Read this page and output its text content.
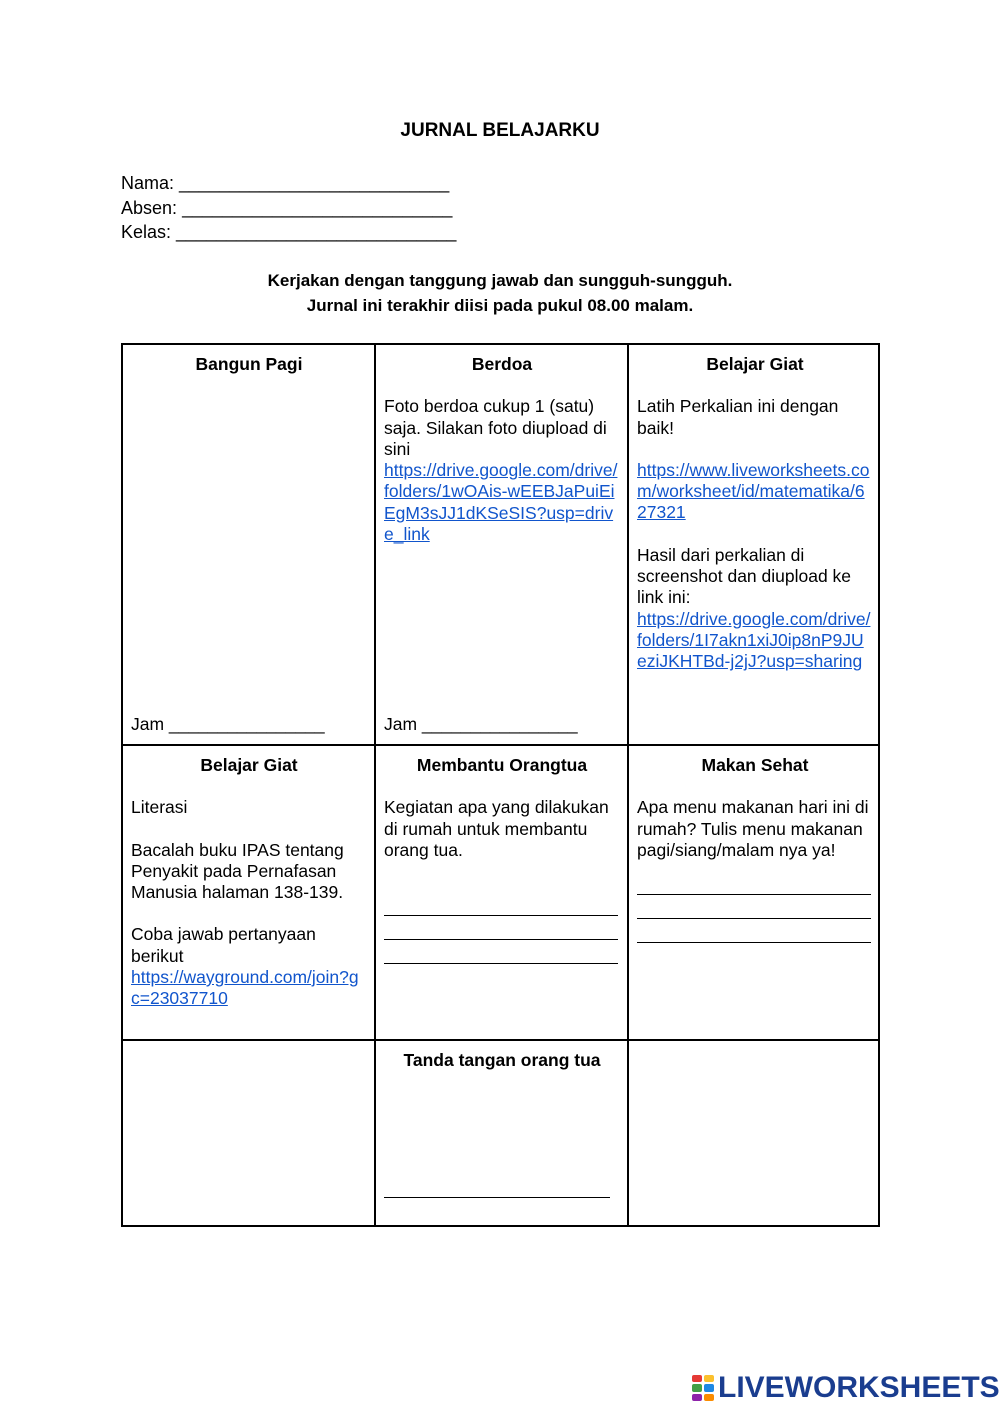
JURNAL BELAJARKU
Nama: ___________________________
Absen: ___________________________
Kelas: ____________________________
Kerjakan dengan tanggung jawab dan sungguh-sungguh.
Jurnal ini terakhir diisi pada pukul 08.00 malam.
Bangun Pagi
Jam ________________
Berdoa
Foto berdoa cukup 1 (satu) saja. Silakan foto diupload di sini
https://drive.google.com/drive/folders/1wOAis-wEEBJaPuiEiEgM3sJJ1dKSeSIS?usp=drive_link
Jam ________________
Belajar Giat
Latih Perkalian ini dengan baik!
https://www.liveworksheets.com/worksheet/id/matematika/627321
Hasil dari perkalian di screenshot dan diupload ke link ini:
https://drive.google.com/drive/folders/1I7akn1xiJ0ip8nP9JUeziJKHTBd-j2jJ?usp=sharing
Belajar Giat
Literasi
Bacalah buku IPAS tentang Penyakit pada Pernafasan Manusia halaman 138-139.
Coba jawab pertanyaan berikut
https://wayground.com/join?gc=23037710
Membantu Orangtua
Kegiatan apa yang dilakukan di rumah untuk membantu orang tua.
Makan Sehat
Apa menu makanan hari ini di rumah? Tulis menu makanan pagi/siang/malam nya ya!
Tanda tangan orang tua
LIVEWORKSHEETS
